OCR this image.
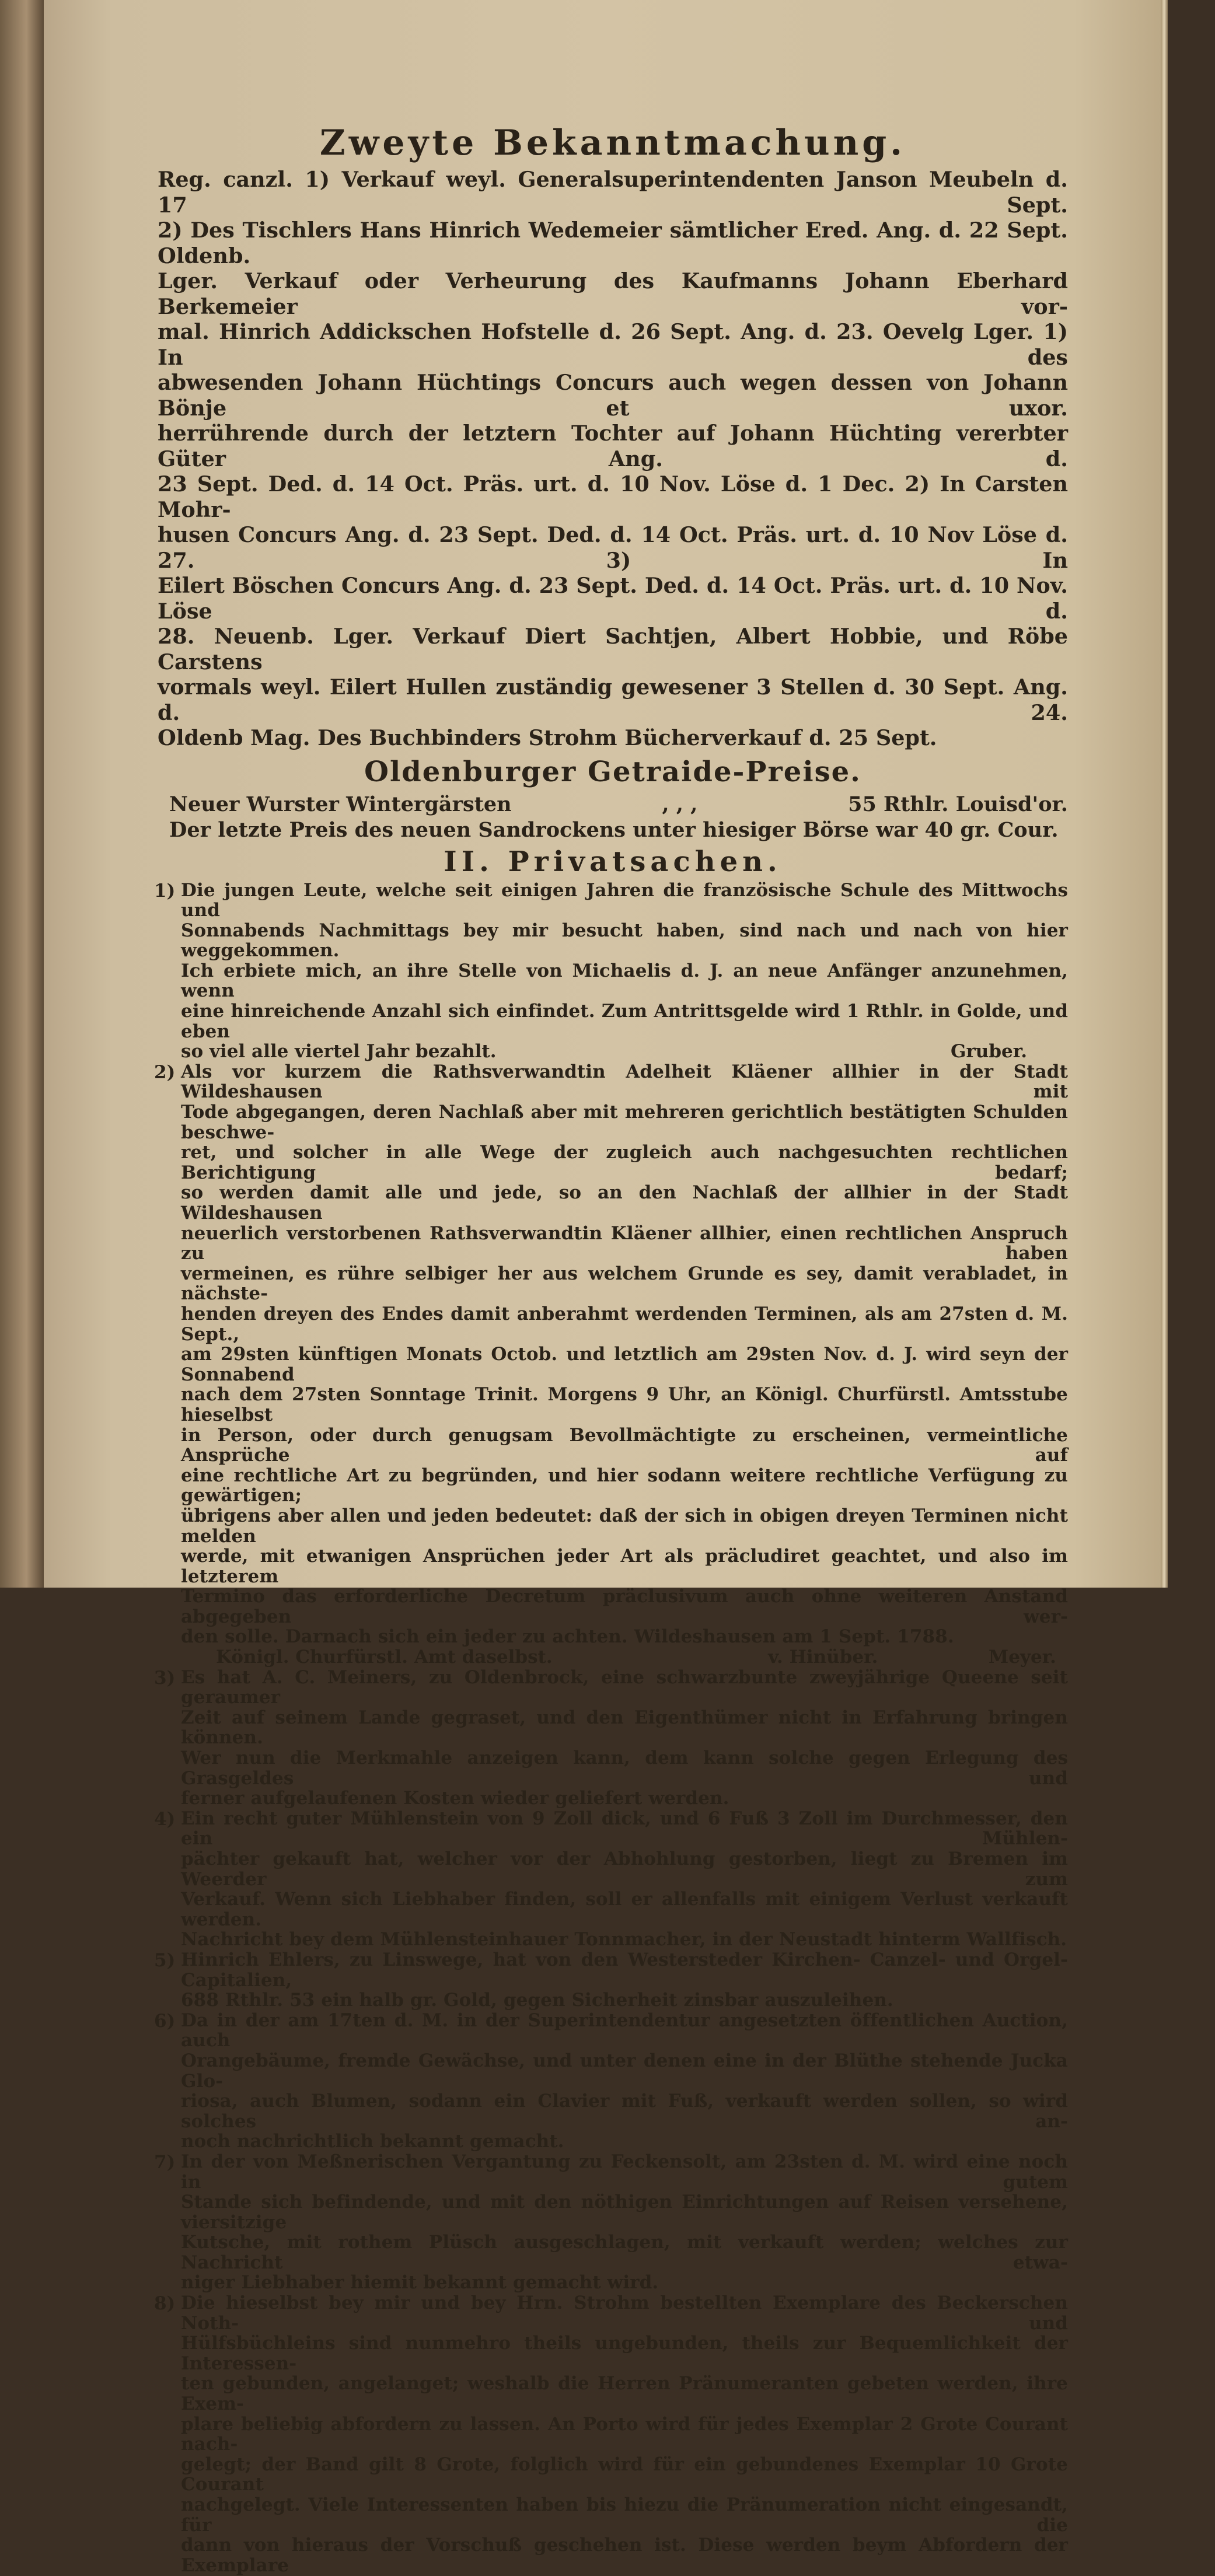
Zweyte Bekanntmachung.

Reg. canzl. 1) Verkauf weyl. Generalsuperintendenten Janson Meubeln d. 17 Sept.

2) Des Tischlers Hans Hinrich Wedemeier sämtlicher Ered. Ang. d. 22 Sept. Oldenb.

Lger. Verkauf oder Verheurung des Kaufmanns Johann Eberhard Berkemeier vor-

mal. Hinrich Addickschen Hofstelle d. 26 Sept. Ang. d. 23. Oevelg Lger. 1) In des

abwesenden Johann Hüchtings Concurs auch wegen dessen von Johann Bönje et uxor.

herrührende durch der letztern Tochter auf Johann Hüchting vererbter Güter Ang. d.

23 Sept. Ded. d. 14 Oct. Präs. urt. d. 10 Nov. Löse d. 1 Dec. 2) In Carsten Mohr-

husen Concurs Ang. d. 23 Sept. Ded. d. 14 Oct. Präs. urt. d. 10 Nov Löse d. 27. 3) In

Eilert Böschen Concurs Ang. d. 23 Sept. Ded. d. 14 Oct. Präs. urt. d. 10 Nov. Löse d.

28. Neuenb. Lger. Verkauf Diert Sachtjen, Albert Hobbie, und Röbe Carstens

vormals weyl. Eilert Hullen zuständig gewesener 3 Stellen d. 30 Sept. Ang. d. 24.

Oldenb Mag. Des Buchbinders Strohm Bücherverkauf d. 25 Sept.

Oldenburger Getraide-Preise.
Neuer Wurster Wintergärsten	, , ,	55 Rthlr. Louisd'or.
Der letzte Preis des neuen Sandrockens unter hiesiger Börse war 40 gr. Cour.
II. Privatsachen.
1) Die jungen Leute, welche seit einigen Jahren die französische Schule des Mittwochs und

Sonnabends Nachmittags bey mir besucht haben, sind nach und nach von hier weggekommen.

Ich erbiete mich, an ihre Stelle von Michaelis d. J. an neue Anfänger anzunehmen, wenn

eine hinreichende Anzahl sich einfindet. Zum Antrittsgelde wird 1 Rthlr. in Golde, und eben

so viel alle viertel Jahr bezahlt.	Gruber.
2) Als vor kurzem die Rathsverwandtin Adelheit Kläener allhier in der Stadt Wildeshausen mit

Tode abgegangen, deren Nachlaß aber mit mehreren gerichtlich bestätigten Schulden beschwe-

ret, und solcher in alle Wege der zugleich auch nachgesuchten rechtlichen Berichtigung bedarf;

so werden damit alle und jede, so an den Nachlaß der allhier in der Stadt Wildeshausen

neuerlich verstorbenen Rathsverwandtin Kläener allhier, einen rechtlichen Anspruch zu haben

vermeinen, es rühre selbiger her aus welchem Grunde es sey, damit verabladet, in nächste-

henden dreyen des Endes damit anberahmt werdenden Terminen, als am 27sten d. M. Sept.,

am 29sten künftigen Monats Octob. und letztlich am 29sten Nov. d. J. wird seyn der Sonnabend

nach dem 27sten Sonntage Trinit. Morgens 9 Uhr, an Königl. Churfürstl. Amtsstube hieselbst

in Person, oder durch genugsam Bevollmächtigte zu erscheinen, vermeintliche Ansprüche auf

eine rechtliche Art zu begründen, und hier sodann weitere rechtliche Verfügung zu gewärtigen;

übrigens aber allen und jeden bedeutet: daß der sich in obigen dreyen Terminen nicht melden

werde, mit etwanigen Ansprüchen jeder Art als präcludiret geachtet, und also im letzterem

Termino das erforderliche Decretum präclusivum auch ohne weiteren Anstand abgegeben wer-

den solle. Darnach sich ein jeder zu achten. Wildeshausen am 1 Sept. 1788.

Königl. Churfürstl. Amt daselbst.	v. Hinüber.	Meyer.
3) Es hat A. C. Meiners, zu Oldenbrock, eine schwarzbunte zweyjährige Queene seit geraumer

Zeit auf seinem Lande gegraset, und den Eigenthümer nicht in Erfahrung bringen können.

Wer nun die Merkmahle anzeigen kann, dem kann solche gegen Erlegung des Grasgeldes und

ferner aufgelaufenen Kosten wieder geliefert werden.

4) Ein recht guter Mühlenstein von 9 Zoll dick, und 6 Fuß 3 Zoll im Durchmesser, den ein Mühlen-

pächter gekauft hat, welcher vor der Abhohlung gestorben, liegt zu Bremen im Weerder zum

Verkauf. Wenn sich Liebhaber finden, soll er allenfalls mit einigem Verlust verkauft werden.

Nachricht bey dem Mühlensteinhauer Tonnmacher, in der Neustadt hinterm Wallfisch.

5) Hinrich Ehlers, zu Linswege, hat von den Westersteder Kirchen- Canzel- und Orgel-Capitalien,

688 Rthlr. 53 ein halb gr. Gold, gegen Sicherheit zinsbar auszuleihen.

6) Da in der am 17ten d. M. in der Superintendentur angesetzten öffentlichen Auction, auch

Orangebäume, fremde Gewächse, und unter denen eine in der Blüthe stehende Jucka Glo-

riosa, auch Blumen, sodann ein Clavier mit Fuß, verkauft werden sollen, so wird solches an-

noch nachrichtlich bekannt gemacht.

7) In der von Meßnerischen Vergantung zu Feckensolt, am 23sten d. M. wird eine noch in gutem

Stande sich befindende, und mit den nöthigen Einrichtungen auf Reisen versehene, viersitzige

Kutsche, mit rothem Plüsch ausgeschlagen, mit verkauft werden; welches zur Nachricht etwa-

niger Liebhaber hiemit bekannt gemacht wird.

8) Die hieselbst bey mir und bey Hrn. Strohm bestellten Exemplare des Beckerschen Noth- und

Hülfsbüchleins sind nunmehro theils ungebunden, theils zur Bequemlichkeit der Interessen-

ten gebunden, angelanget; weshalb die Herren Pränumeranten gebeten werden, ihre Exem-

plare beliebig abfordern zu lassen. An Porto wird für jedes Exemplar 2 Grote Courant nach-

gelegt; der Band gilt 8 Grote, folglich wird für ein gebundenes Exemplar 10 Grote Courant

nachgelegt. Viele Interessenten haben bis hiezu die Pränumeration nicht eingesandt, für die

dann von hieraus der Vorschuß geschehen ist. Diese werden beym Abfordern der Exemplare
